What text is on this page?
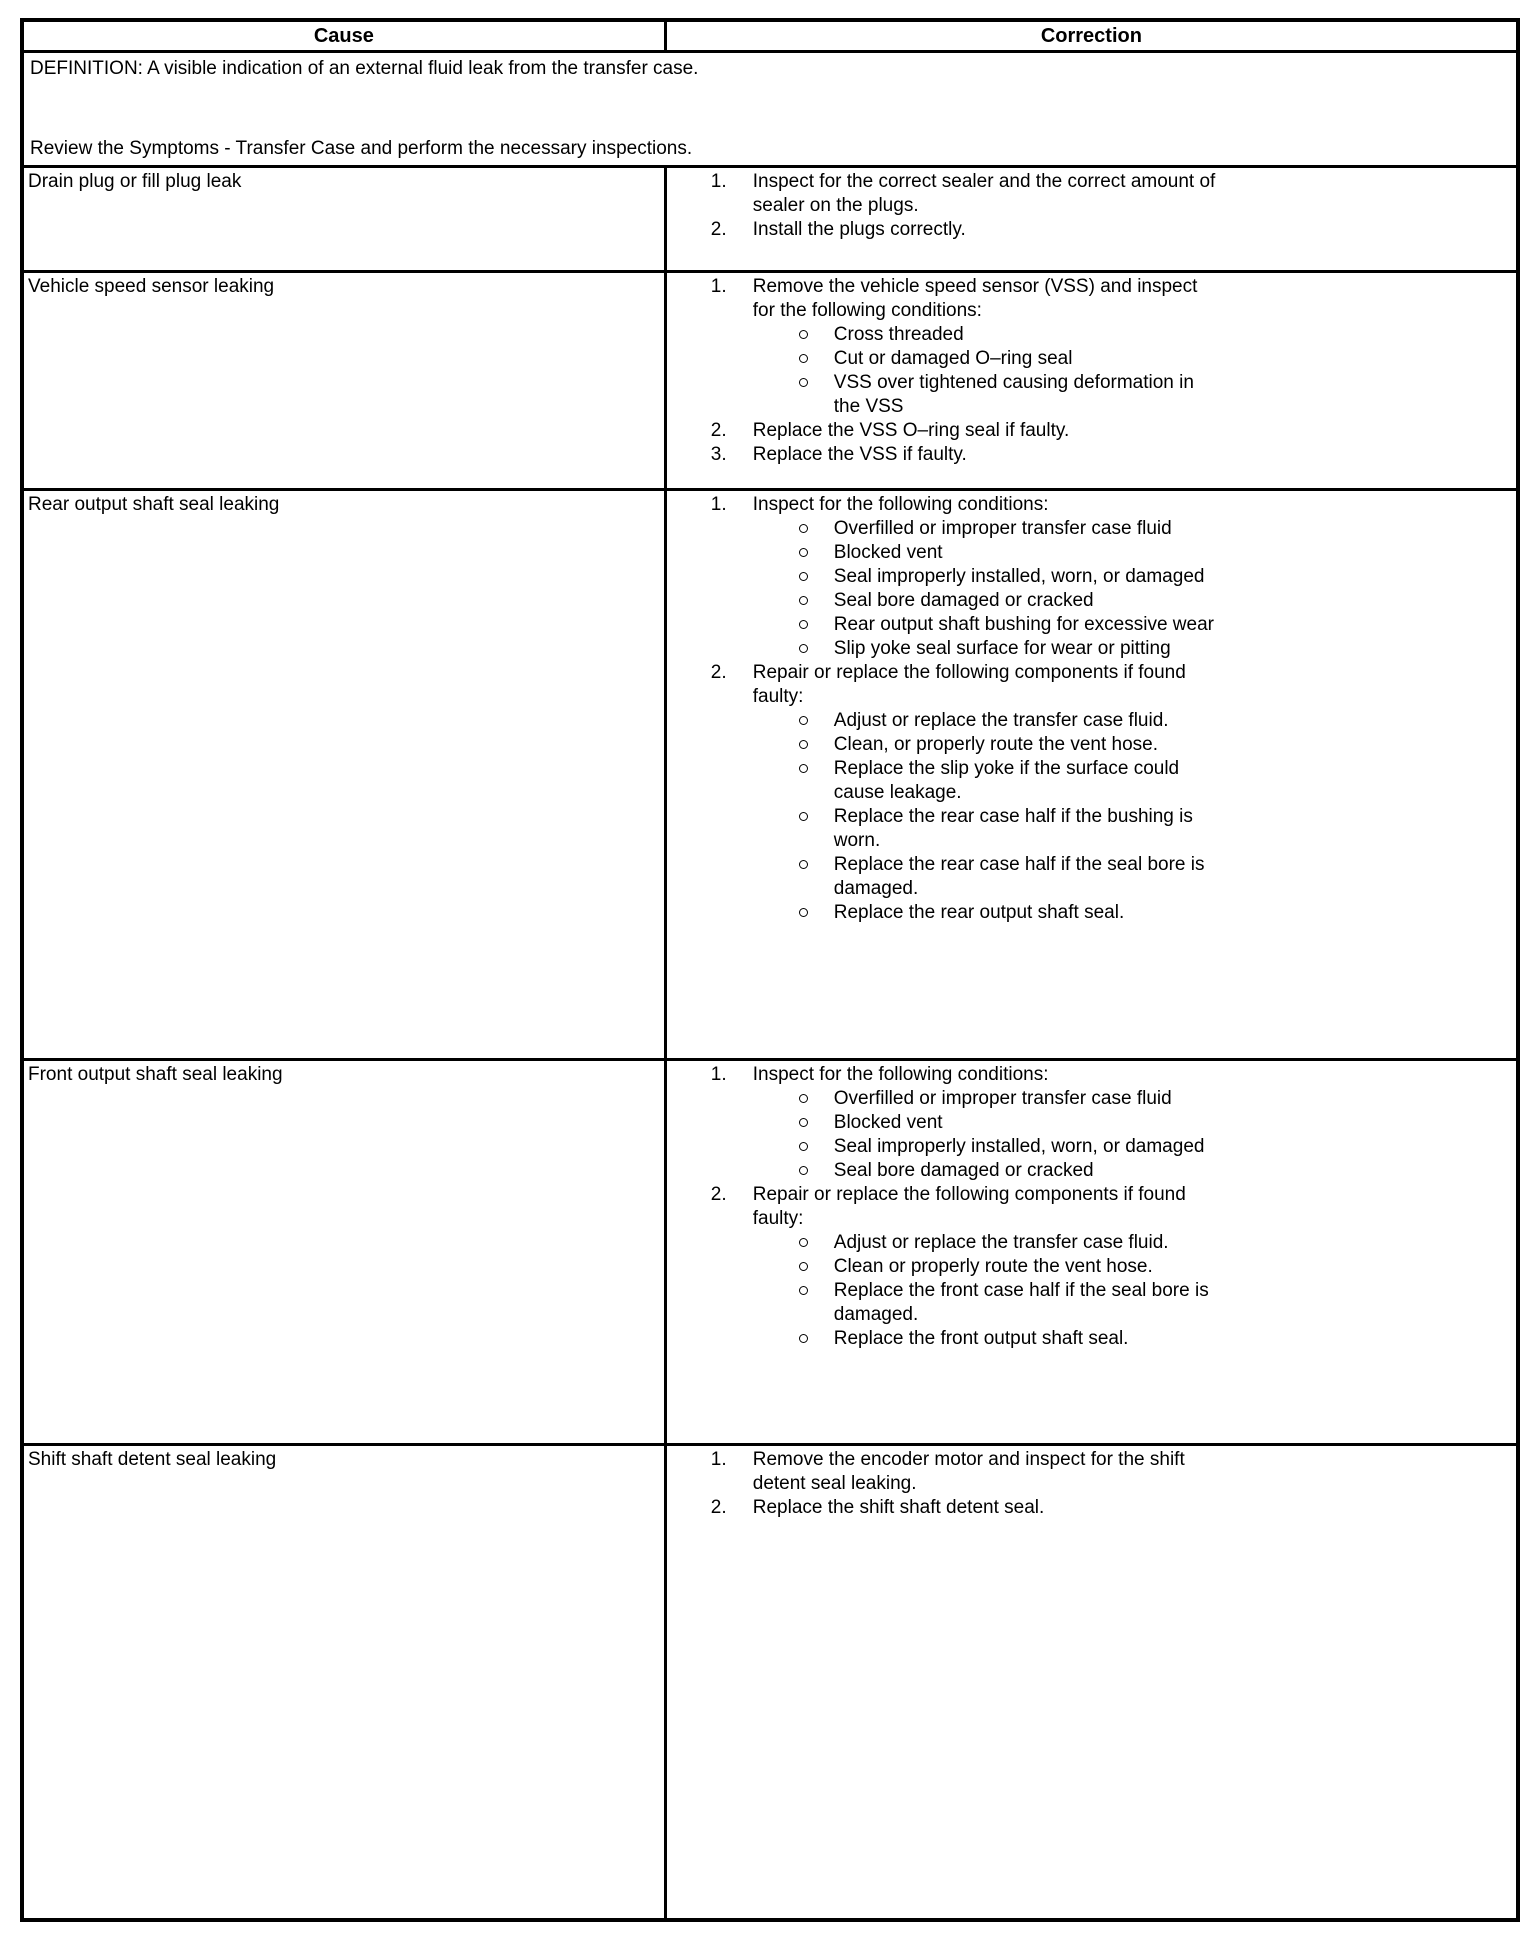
Cause	Correction

DEFINITION: A visible indication of an external fluid leak from the transfer case.
Review the Symptoms - Transfer Case and perform the necessary inspections.	

Drain plug or fill plug leak	1. Inspect for the correct sealer and the correct amount of sealer on the plugs.
2. Install the plugs correctly.

Vehicle speed sensor leaking	1.	Remove the vehicle speed sensor (VSS) and inspect for the following conditions:
Cross threaded
Cut or damaged O–ring seal
VSS over tightened causing deformation in the VSS
2.	Replace the VSS O–ring seal if faulty.
3.	Replace the VSS if faulty.

Rear output shaft seal leaking	1.	Inspect for the following conditions:
Overfilled or improper transfer case fluid
Blocked vent
Seal improperly installed, worn, or damaged
Seal bore damaged or cracked
Rear output shaft bushing for excessive wear
Slip yoke seal surface for wear or pitting
2.	Repair or replace the following components if found faulty:
Adjust or replace the transfer case fluid.
Clean, or properly route the vent hose.
Replace the slip yoke if the surface could cause leakage.
Replace the rear case half if the bushing is worn.
Replace the rear case half if the seal bore is damaged.
Replace the rear output shaft seal.

Front output shaft seal leaking	1.	Inspect for the following conditions:
Overfilled or improper transfer case fluid
Blocked vent
Seal improperly installed, worn, or damaged
Seal bore damaged or cracked
2.	Repair or replace the following components if found faulty:
Adjust or replace the transfer case fluid.
Clean or properly route the vent hose.
Replace the front case half if the seal bore is damaged.
Replace the front output shaft seal.

Shift shaft detent seal leaking	1. Remove the encoder motor and inspect for the shift detent seal leaking.
2. Replace the shift shaft detent seal.
